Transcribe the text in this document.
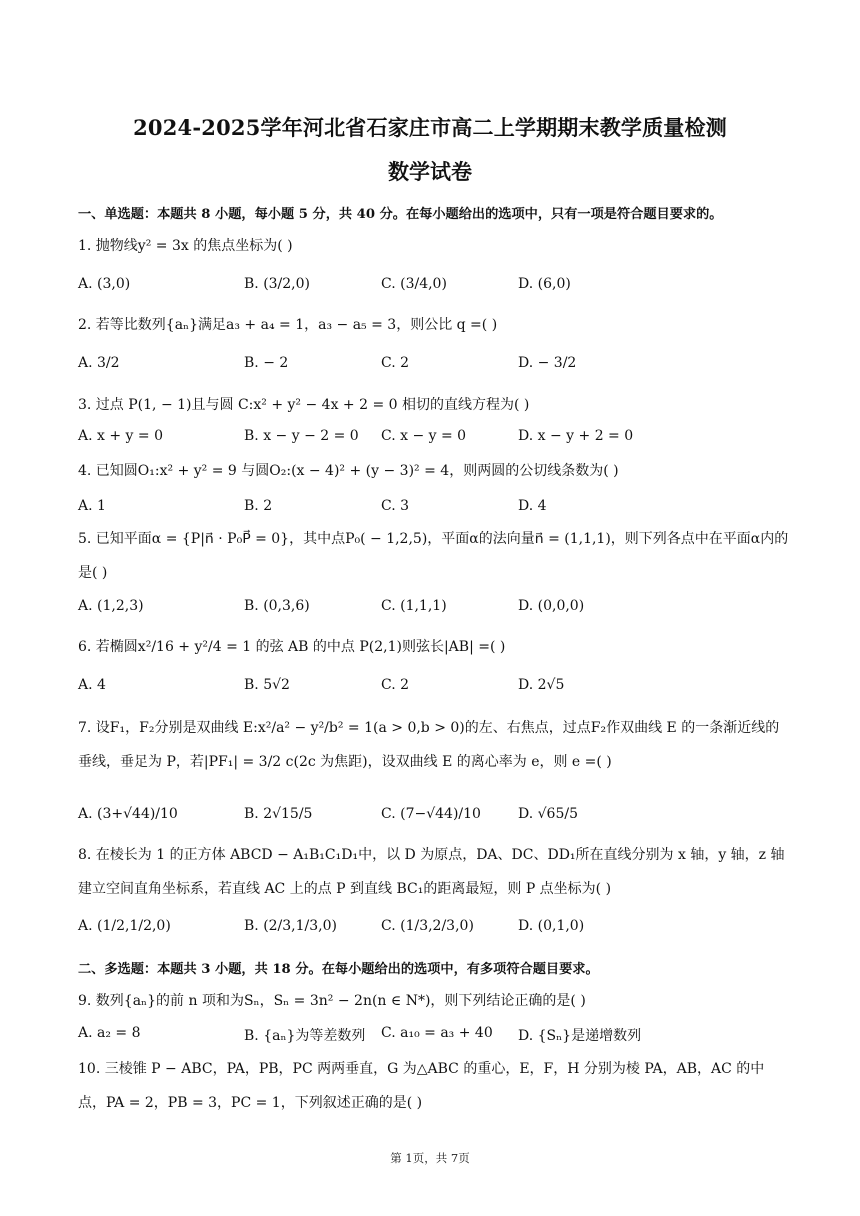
2024-2025学年河北省石家庄市高二上学期期末教学质量检测
数学试卷
一、单选题：本题共 8 小题，每小题 5 分，共 40 分。在每小题给出的选项中，只有一项是符合题目要求的。
1. 抛物线y² = 3x 的焦点坐标为( )
A. (3,0)	B. (3/2,0)	C. (3/4,0)	D. (6,0)
2. 若等比数列{aₙ}满足a₃ + a₄ = 1，a₃ − a₅ = 3，则公比 q =( )
A. 3/2	B. − 2	C. 2	D. − 3/2
3. 过点 P(1, − 1)且与圆 C:x² + y² − 4x + 2 = 0 相切的直线方程为( )
A. x + y = 0	B. x − y − 2 = 0 C. x − y = 0	D. x − y + 2 = 0
4. 已知圆O₁:x² + y² = 9 与圆O₂:(x − 4)² + (y − 3)² = 4，则两圆的公切线条数为( )
A. 1	B. 2	C. 3	D. 4
5. 已知平面α = {P|n⃗ · P₀P⃗ = 0}，其中点P₀( − 1,2,5)，平面α的法向量n⃗ = (1,1,1)，则下列各点中在平面α内的是( )
A. (1,2,3)	B. (0,3,6)	C. (1,1,1)	D. (0,0,0)
6. 若椭圆x²/16 + y²/4 = 1 的弦 AB 的中点 P(2,1)则弦长|AB| =( )
A. 4	B. 5√2	C. 2	D. 2√5
7. 设F₁，F₂分别是双曲线 E:x²/a² − y²/b² = 1(a > 0,b > 0)的左、右焦点，过点F₂作双曲线 E 的一条渐近线的垂线，垂足为 P，若|PF₁| = 3/2 c(2c 为焦距)，设双曲线 E 的离心率为 e，则 e =( )
A. (3+√44)/10	B. 2√15/5	C. (7−√44)/10	D. √65/5
8. 在棱长为 1 的正方体 ABCD − A₁B₁C₁D₁中，以 D 为原点，DA、DC、DD₁所在直线分别为 x 轴，y 轴，z 轴建立空间直角坐标系，若直线 AC 上的点 P 到直线 BC₁的距离最短，则 P 点坐标为( )
A. (1/2,1/2,0)	B. (2/3,1/3,0)	C. (1/3,2/3,0)	D. (0,1,0)
二、多选题：本题共 3 小题，共 18 分。在每小题给出的选项中，有多项符合题目要求。
9. 数列{aₙ}的前 n 项和为Sₙ，Sₙ = 3n² − 2n(n ∈ N*)，则下列结论正确的是( )
A. a₂ = 8	B. {aₙ}为等差数列 C. a₁₀ = a₃ + 40 D. {Sₙ}是递增数列
10. 三棱锥 P − ABC，PA，PB，PC 两两垂直，G 为△ABC 的重心，E，F，H 分别为棱 PA，AB，AC 的中点，PA = 2，PB = 3，PC = 1，下列叙述正确的是( )
第 1页，共 7页
